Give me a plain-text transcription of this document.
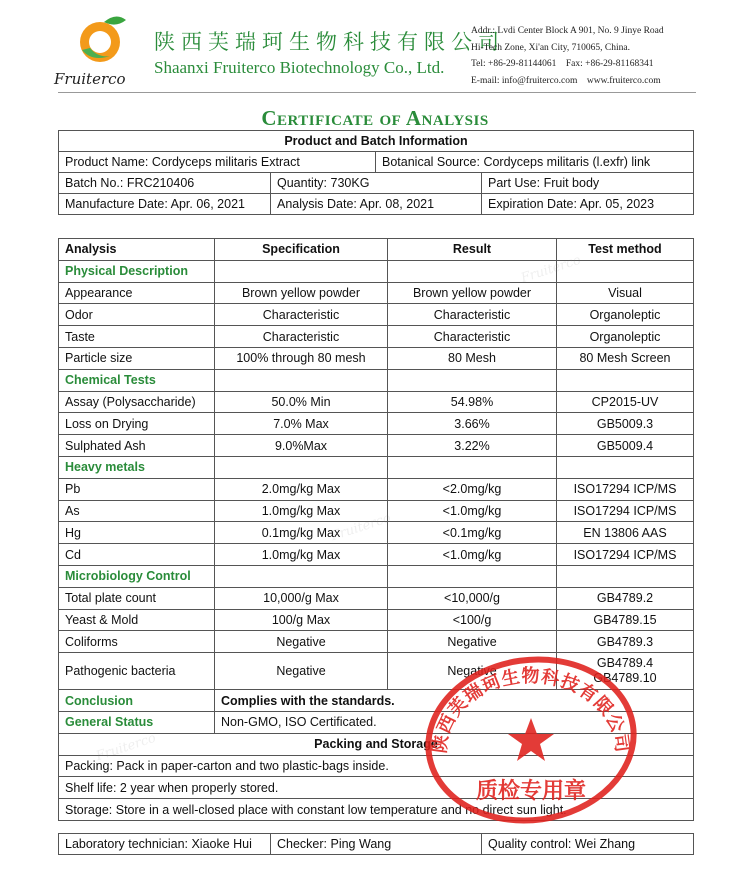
Fruiterco
陕西芙瑞珂生物科技有限公司
Shaanxi Fruiterco Biotechnology Co., Ltd.
Addr.: Lvdi Center Block A 901, No. 9 Jinye Road
Hi-Tech Zone, Xi'an City, 710065, China.
Tel: +86-29-81144061 Fax: +86-29-81168341
E-mail: info@fruiterco.com www.fruiterco.com
Certificate of Analysis
Product and Batch Information			
Product Name: Cordyceps militaris Extract		Botanical Source: Cordyceps militaris (l.exfr) link	
Batch No.: FRC210406	Quantity: 730KG		Part Use: Fruit body
Manufacture Date: Apr. 06, 2021	Analysis Date: Apr. 08, 2021		Expiration Date: Apr. 05, 2023
Analysis	Specification	Result	Test method
Physical Description			
Appearance	Brown yellow powder	Brown yellow powder	Visual
Odor	Characteristic	Characteristic	Organoleptic
Taste	Characteristic	Characteristic	Organoleptic
Particle size	100% through 80 mesh	80 Mesh	80 Mesh Screen
Chemical Tests			
Assay (Polysaccharide)	50.0% Min	54.98%	CP2015-UV
Loss on Drying	7.0% Max	3.66%	GB5009.3
Sulphated Ash	9.0%Max	3.22%	GB5009.4
Heavy metals			
Pb	2.0mg/kg Max	<2.0mg/kg	ISO17294 ICP/MS
As	1.0mg/kg Max	<1.0mg/kg	ISO17294 ICP/MS
Hg	0.1mg/kg Max	<0.1mg/kg	EN 13806 AAS
Cd	1.0mg/kg Max	<1.0mg/kg	ISO17294 ICP/MS
Microbiology Control			
Total plate count	10,000/g Max	<10,000/g	GB4789.2
Yeast & Mold	100/g Max	<100/g	GB4789.15
Coliforms	Negative	Negative	GB4789.3
Pathogenic bacteria	Negative	Negative	GB4789.4
GB4789.10

Conclusion	Complies with the standards.		
General Status	Non-GMO, ISO Certificated.		
Packing and Storage			
Packing: Pack in paper-carton and two plastic-bags inside.			
Shelf life: 2 year when properly stored.			
Storage: Store in a well-closed place with constant low temperature and no direct sun light.			
Laboratory technician: Xiaoke Hui	Checker: Ping Wang	Quality control: Wei Zhang
陕西芙瑞珂生物科技有限公司
质检专用章
Fruiterco
Fruiterco
Fruiterco
